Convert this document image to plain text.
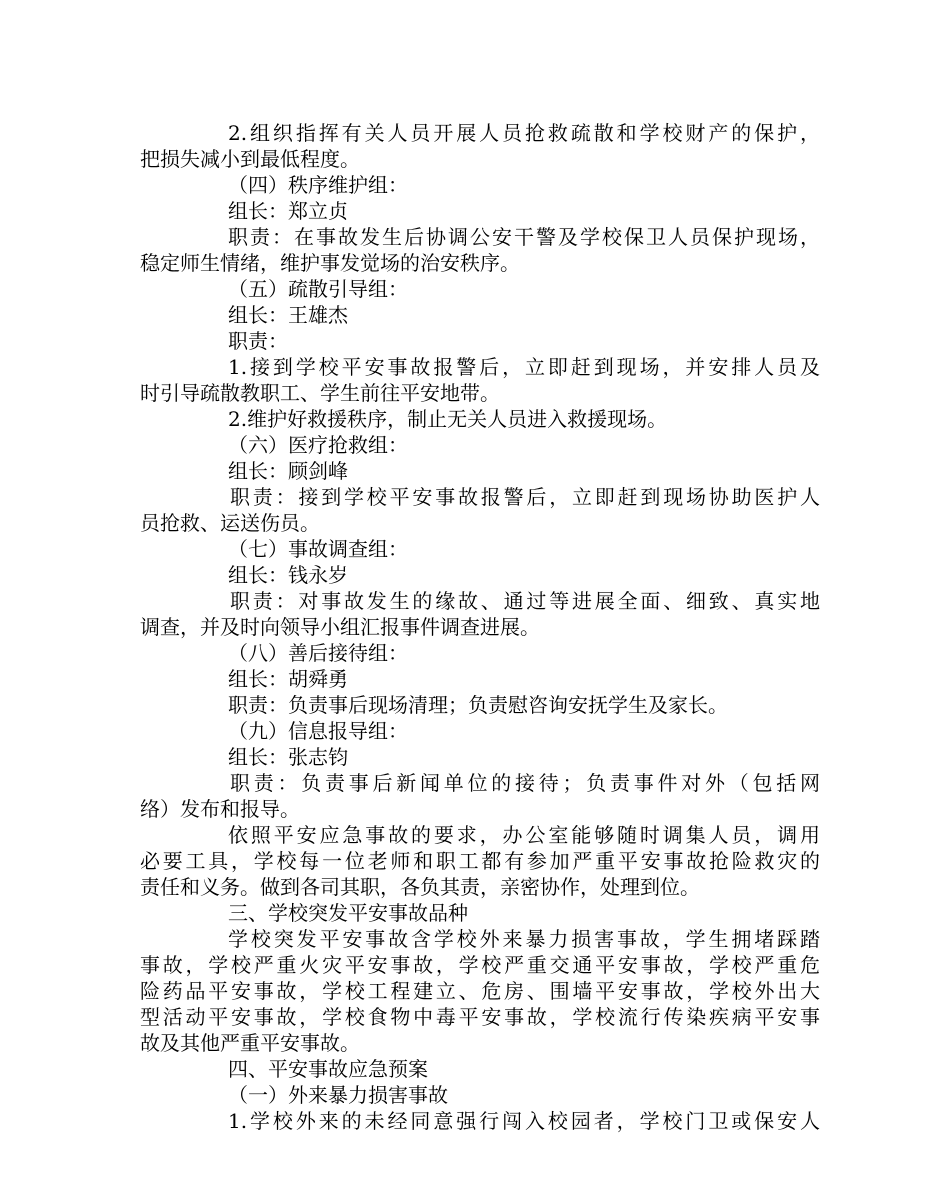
2.组织指挥有关人员开展人员抢救疏散和学校财产的保护，
把损失减小到最低程度。
（四）秩序维护组：
组长：郑立贞
职责：在事故发生后协调公安干警及学校保卫人员保护现场，
稳定师生情绪，维护事发觉场的治安秩序。
（五）疏散引导组：
组长：王雄杰
职责：
1.接到学校平安事故报警后，立即赶到现场，并安排人员及
时引导疏散教职工、学生前往平安地带。
2.维护好救援秩序，制止无关人员进入救援现场。
（六）医疗抢救组：
组长：顾剑峰
职责：接到学校平安事故报警后，立即赶到现场协助医护人
员抢救、运送伤员。
（七）事故调查组：
组长：钱永岁
职责：对事故发生的缘故、通过等进展全面、细致、真实地
调查，并及时向领导小组汇报事件调查进展。
（八）善后接待组：
组长：胡舜勇
职责：负责事后现场清理；负责慰咨询安抚学生及家长。
（九）信息报导组：
组长：张志钧
职责：负责事后新闻单位的接待；负责事件对外（包括网
络）发布和报导。
依照平安应急事故的要求，办公室能够随时调集人员，调用
必要工具，学校每一位老师和职工都有参加严重平安事故抢险救灾的
责任和义务。做到各司其职，各负其责，亲密协作，处理到位。
三、学校突发平安事故品种
学校突发平安事故含学校外来暴力损害事故，学生拥堵踩踏
事故，学校严重火灾平安事故，学校严重交通平安事故，学校严重危
险药品平安事故，学校工程建立、危房、围墙平安事故，学校外出大
型活动平安事故，学校食物中毒平安事故，学校流行传染疾病平安事
故及其他严重平安事故。
四、平安事故应急预案
（一）外来暴力损害事故
1.学校外来的未经同意强行闯入校园者，学校门卫或保安人
